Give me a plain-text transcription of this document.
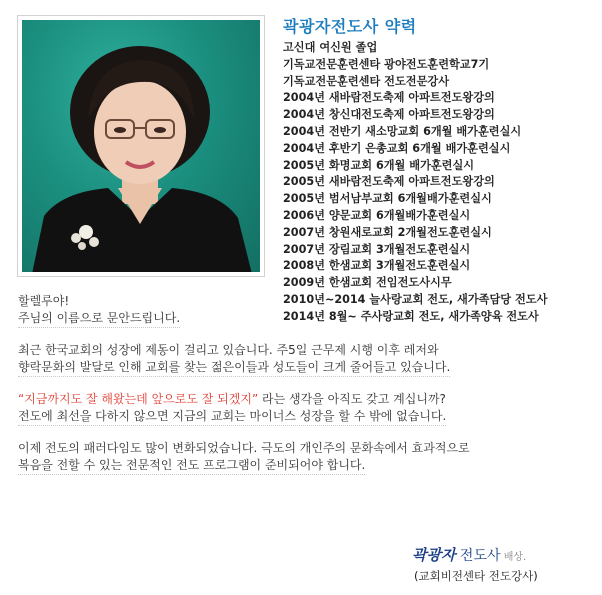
곽광자전도사 약력
고신대 여신원 졸업
기독교전문훈련센타 광야전도훈련학교7기
기독교전문훈련센타 전도전문강사
2004년 새바람전도축제 아파트전도왕강의
2004년 창신대전도축제 아파트전도왕강의
2004년 전반기 새소망교회 6개월 배가훈련실시
2004년 후반기 은총교회 6개월 배가훈련실시
2005년 화명교회 6개월 배가훈련실시
2005년 새바람전도축제 아파트전도왕강의
2005년 범서남부교회 6개월배가훈련실시
2006년 양문교회 6개월배가훈련실시
2007년 창원새로교회 2개월전도훈련실시
2007년 장림교회 3개월전도훈련실시
2008년 한샘교회 3개월전도훈련실시
2009년 한샘교회 전임전도사시무
2010년~2014 늘사랑교회 전도, 새가족담당 전도사
2014년 8월~ 주사랑교회 전도, 새가족양육 전도사

할렐루야!

주님의 이름으로 문안드립니다.

최근 한국교회의 성장에 제동이 걸리고 있습니다. 주5일 근무제 시행 이후 레저와

향락문화의 발달로 인해 교회를 찾는 젊은이들과 성도들이 크게 줄어들고 있습니다.

“지금까지도 잘 해왔는데 앞으로도 잘 되겠지” 라는 생각을 아직도 갖고 계십니까?

전도에 최선을 다하지 않으면 지금의 교회는 마이너스 성장을 할 수 밖에 없습니다.

이제 전도의 패러다임도 많이 변화되었습니다. 극도의 개인주의 문화속에서 효과적으로

복음을 전할 수 있는 전문적인 전도 프로그램이 준비되어야 합니다.

곽광자 전도사 배상.
(교회비전센타 전도강사)
